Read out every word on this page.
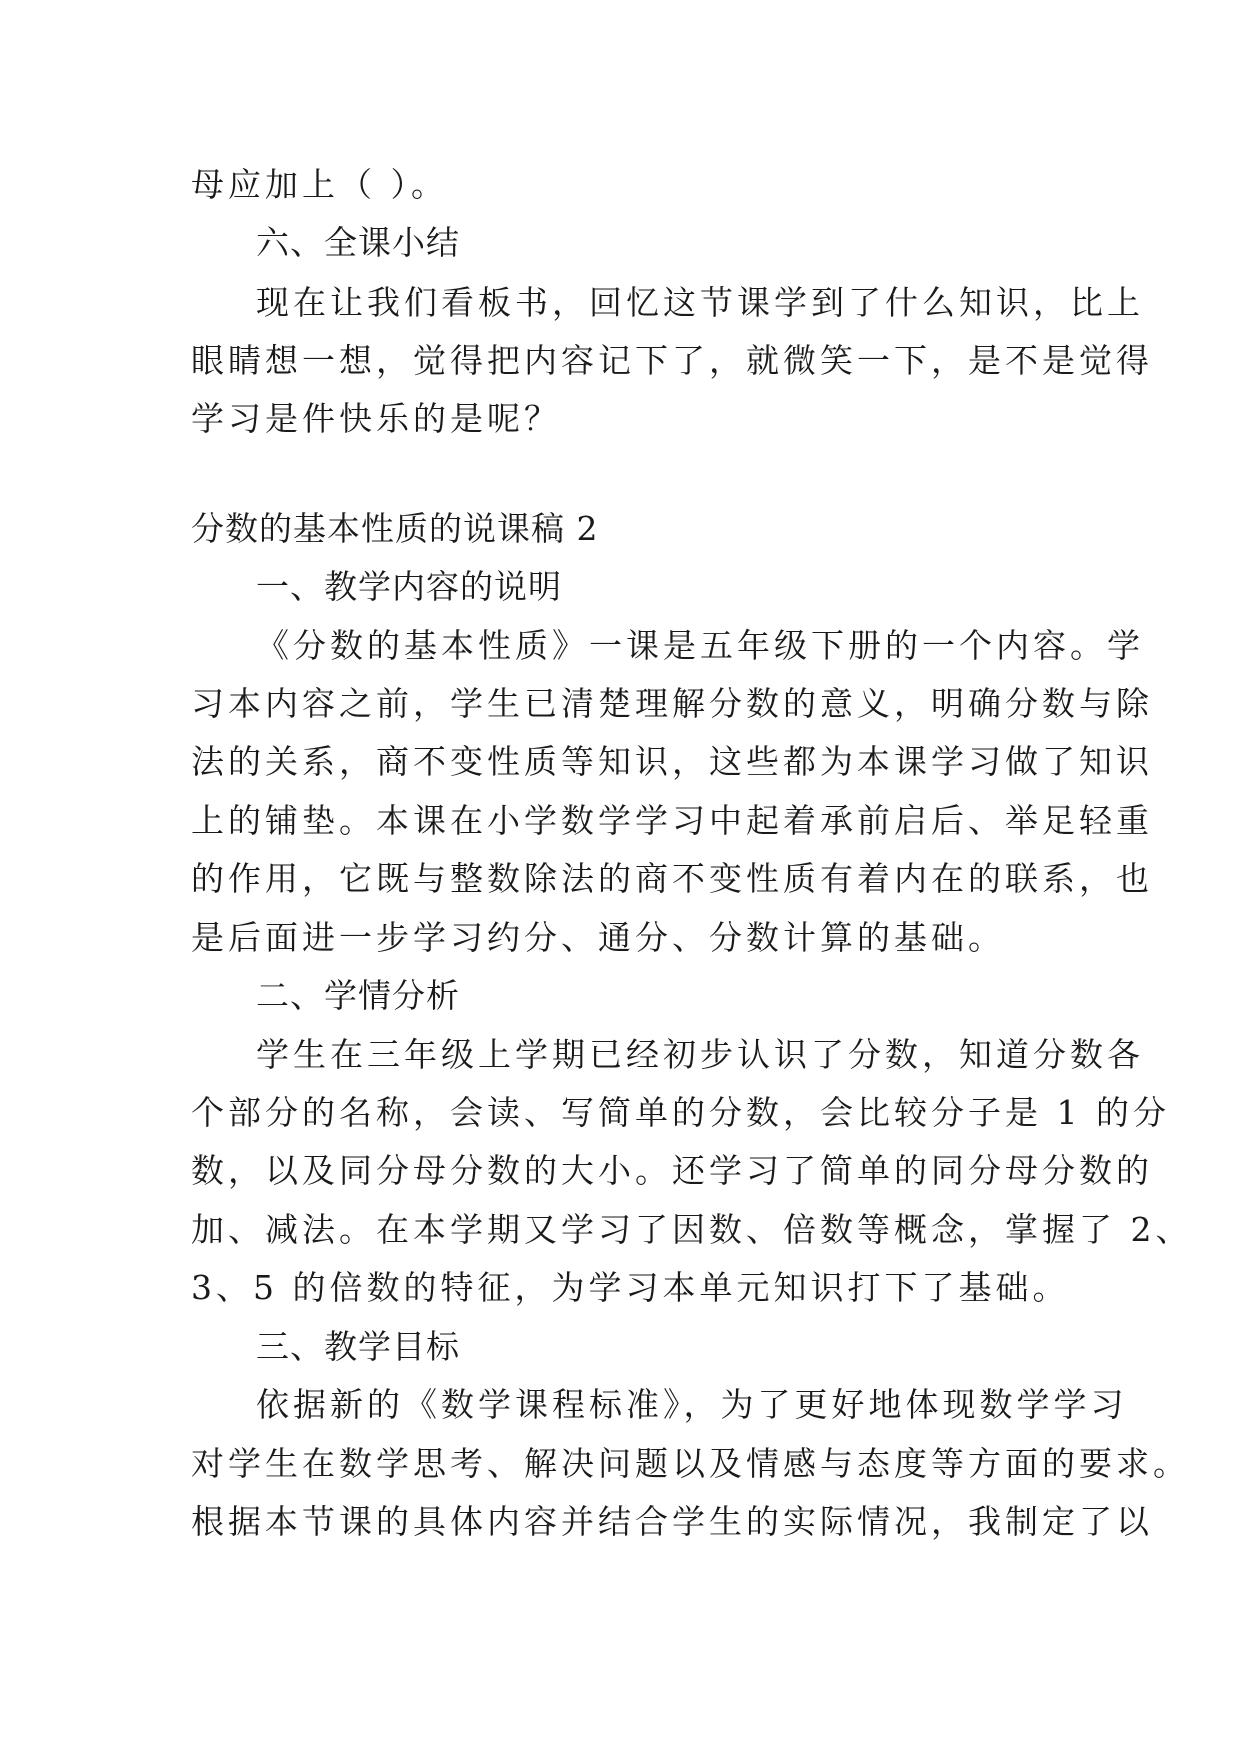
母应加上（ ）。
六、全课小结
现在让我们看板书，回忆这节课学到了什么知识，比上
眼睛想一想，觉得把内容记下了，就微笑一下，是不是觉得
学习是件快乐的是呢？
分数的基本性质的说课稿 2
一、教学内容的说明
《分数的基本性质》一课是五年级下册的一个内容。学
习本内容之前，学生已清楚理解分数的意义，明确分数与除
法的关系，商不变性质等知识，这些都为本课学习做了知识
上的铺垫。本课在小学数学学习中起着承前启后、举足轻重
的作用，它既与整数除法的商不变性质有着内在的联系，也
是后面进一步学习约分、通分、分数计算的基础。
二、学情分析
学生在三年级上学期已经初步认识了分数，知道分数各
个部分的名称，会读、写简单的分数，会比较分子是 1 的分
数，以及同分母分数的大小。还学习了简单的同分母分数的
加、减法。在本学期又学习了因数、倍数等概念，掌握了 2、
3、5 的倍数的特征，为学习本单元知识打下了基础。
三、教学目标
依据新的《数学课程标准》，为了更好地体现数学学习
对学生在数学思考、解决问题以及情感与态度等方面的要求。
根据本节课的具体内容并结合学生的实际情况，我制定了以
